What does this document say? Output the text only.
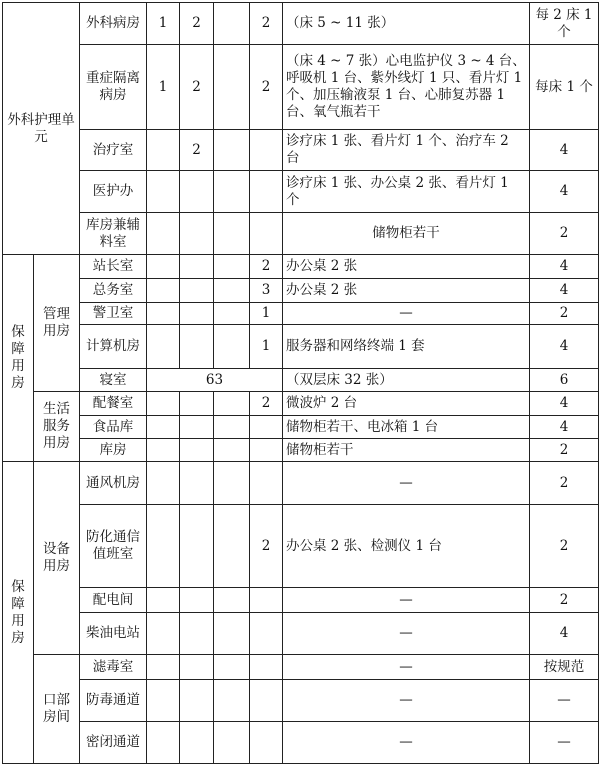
外科护理单元		外科病房	1	2		2	（床 5 ~ 11 张）	每 2 床 1 个
		重症隔离病房	1	2		2	（床 4 ~ 7 张）心电监护仪 3 ~ 4 台、呼吸机 1 台、紫外线灯 1 只、看片灯 1 个、加压输液泵 1 台、心肺复苏器 1 台、氧气瓶若干	每床 1 个
		治疗室		2			诊疗床 1 张、看片灯 1 个、治疗车 2 台	4
		医护办					诊疗床 1 张、办公桌 2 张、看片灯 1 个	4
		库房兼辅料室					储物柜若干	2
保障用房	管理用房	站长室				2	办公桌 2 张	4
		总务室				3	办公桌 2 张	4
		警卫室				1	—	2
		计算机房				1	服务器和网络终端 1 套	4
		寝室	63				（双层床 32 张）	6
	生活服务用房	配餐室				2	微波炉 2 台	4
		食品库					储物柜若干、电冰箱 1 台	4
		库房					储物柜若干	2
保障用房	设备用房	通风机房					—	2
		防化通信值班室				2	办公桌 2 张、检测仪 1 台	2
		配电间					—	2
		柴油电站					—	4
	口部房间	滤毒室					—	按规范
		防毒通道					—	—
		密闭通道					—	—
